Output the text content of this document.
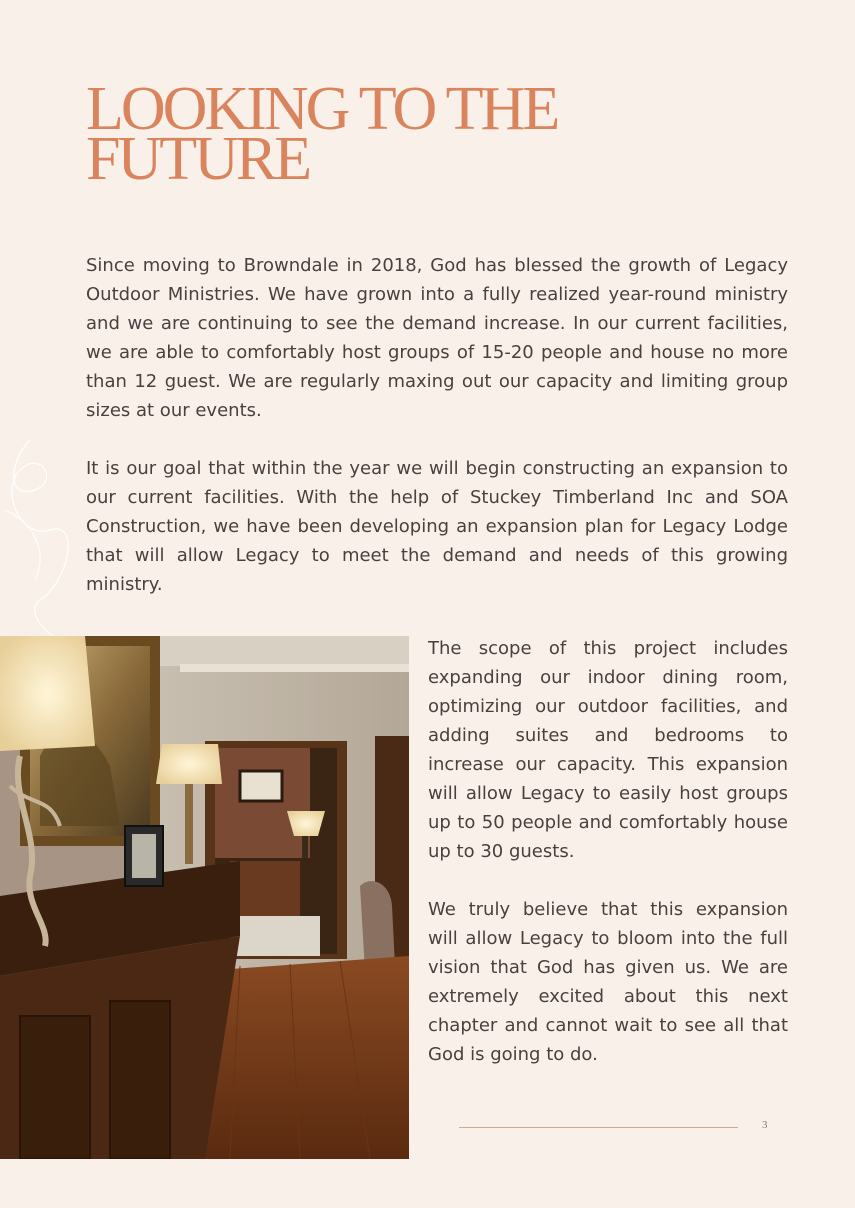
LOOKING TO THE
FUTURE

Since moving to Browndale in 2018, God has blessed the growth of Legacy Outdoor Ministries. We have grown into a fully realized year-round ministry and we are continuing to see the demand increase. In our current facilities, we are able to comfortably host groups of 15-20 people and house no more than 12 guest. We are regularly maxing out our capacity and limiting group sizes at our events.

It is our goal that within the year we will begin constructing an expansion to our current facilities. With the help of Stuckey Timberland Inc and SOA Construction, we have been developing an expansion plan for Legacy Lodge that will allow Legacy to meet the demand and needs of this growing ministry.

The scope of this project includes expanding our indoor dining room, optimizing our outdoor facilities, and adding suites and bedrooms to increase our capacity. This expansion will allow Legacy to easily host groups up to 50 people and comfortably house up to 30 guests.

We truly believe that this expansion will allow Legacy to bloom into the full vision that God has given us. We are extremely excited about this next chapter and cannot wait to see all that God is going to do.

3
